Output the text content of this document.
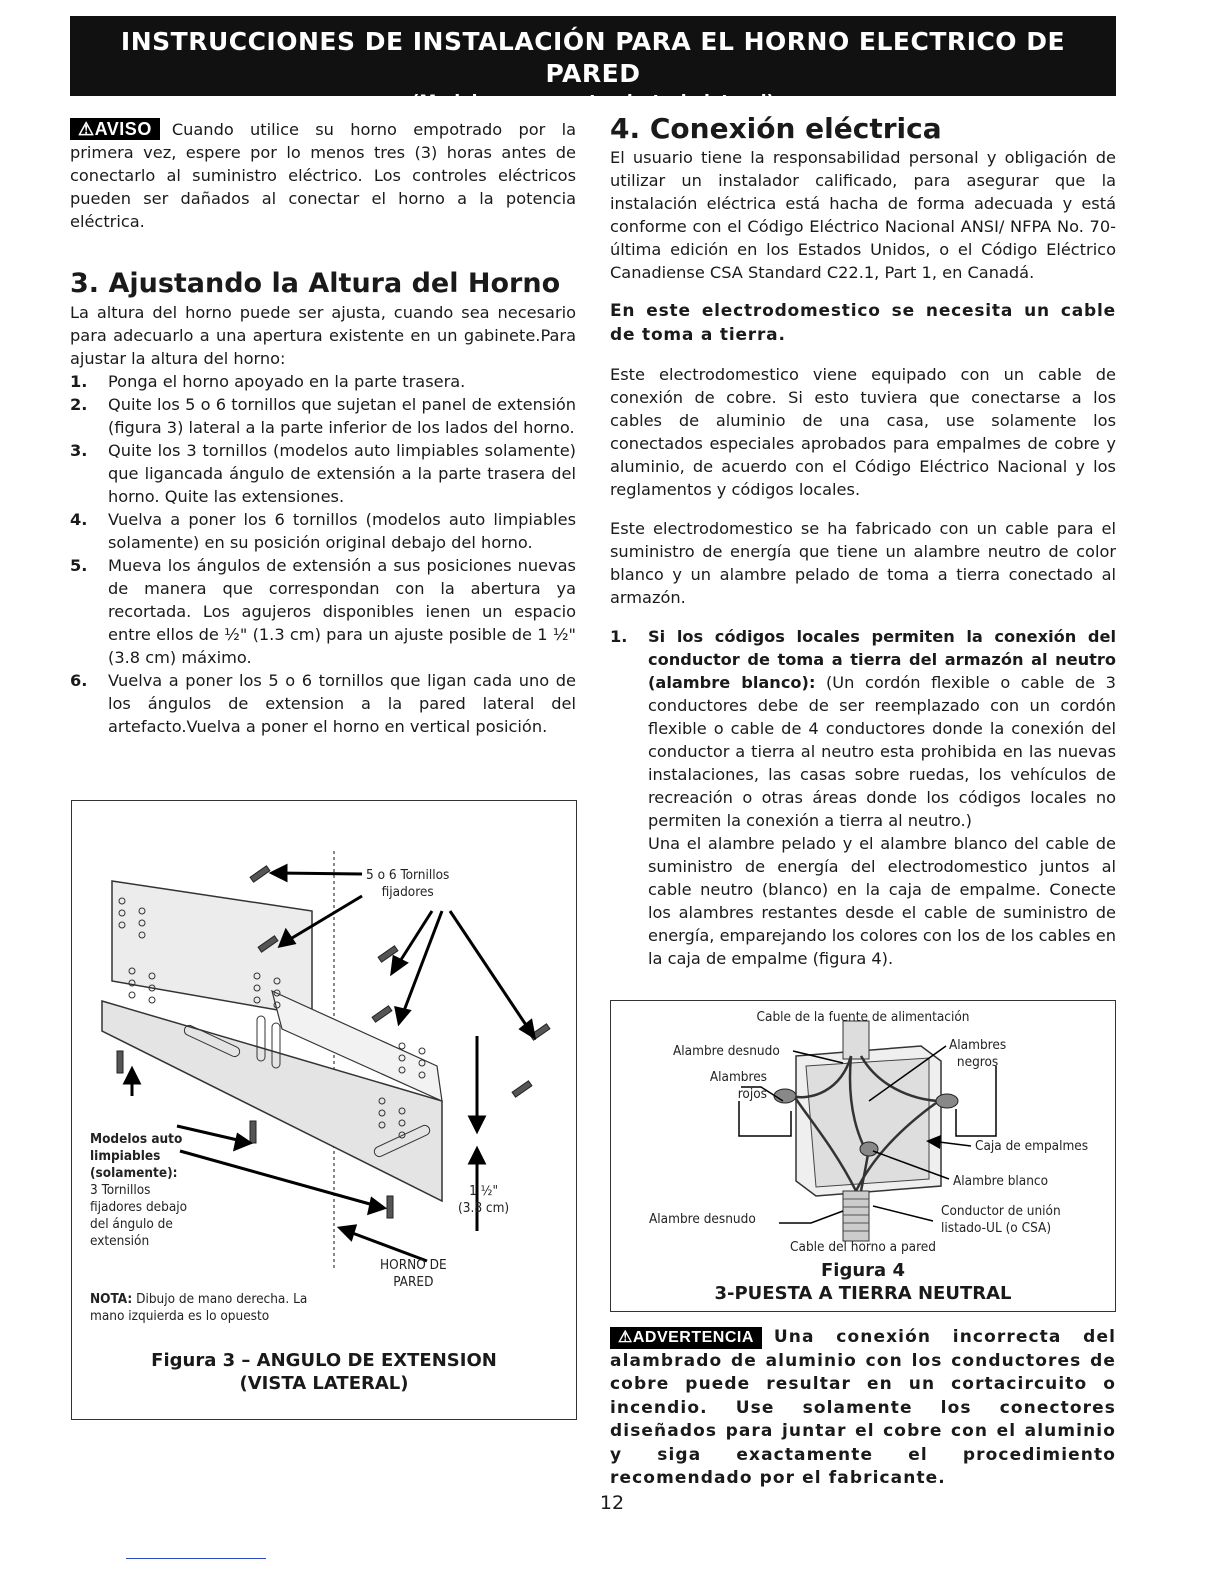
INSTRUCCIONES DE INSTALACIÓN PARA EL HORNO ELECTRICO DE PARED
(Modelos con puerta giratoria lateral)

⚠AVISO Cuando utilice su horno empotrado por la primera vez, espere por lo menos tres (3) horas antes de conectarlo al suministro eléctrico. Los controles eléctricos pueden ser dañados al conectar el horno a la potencia eléctrica.

3. Ajustando la Altura del Horno

La altura del horno puede ser ajusta, cuando sea necesario para adecuarlo a una apertura existente en un gabinete.Para ajustar la altura del horno:

1. Ponga el horno apoyado en la parte trasera.
2. Quite los 5 o 6 tornillos que sujetan el panel de extensión (figura 3) lateral a la parte inferior de los lados del horno.
3. Quite los 3 tornillos (modelos auto limpiables solamente) que ligancada ángulo de extensión a la parte trasera del horno. Quite las extensiones.
4. Vuelva a poner los 6 tornillos (modelos auto limpiables solamente) en su posición original debajo del horno.
5. Mueva los ángulos de extensión a sus posiciones nuevas de manera que correspondan con la abertura ya recortada. Los agujeros disponibles ienen un espacio entre ellos de ½" (1.3 cm) para un ajuste posible de 1 ½" (3.8 cm) máximo.
6. Vuelva a poner los 5 o 6 tornillos que ligan cada uno de los ángulos de extension a la pared lateral del artefacto.Vuelva a poner el horno en vertical posición.
5 o 6 Tornillos
fijadores
Modelos auto
limpiables
(solamente):
3 Tornillos
fijadores debajo
del ángulo de
extensión
1 ½"
(3.8 cm)
HORNO DE
PARED
NOTA: Dibujo de mano derecha. La
mano izquierda es lo opuesto
Figura 3 – ANGULO DE EXTENSION
(VISTA LATERAL)
4. Conexión eléctrica

El usuario tiene la responsabilidad personal y obligación de utilizar un instalador calificado, para asegurar que la instalación eléctrica está hacha de forma adecuada y está conforme con el Código Eléctrico Nacional ANSI/ NFPA No. 70-última edición en los Estados Unidos, o el Código Eléctrico Canadiense CSA Standard C22.1, Part 1, en Canadá.

En este electrodomestico se necesita un cable de toma a tierra.

Este electrodomestico viene equipado con un cable de conexión de cobre. Si esto tuviera que conectarse a los cables de aluminio de una casa, use solamente los conectados especiales aprobados para empalmes de cobre y aluminio, de acuerdo con el Código Eléctrico Nacional y los reglamentos y códigos locales.

Este electrodomestico se ha fabricado con un cable para el suministro de energía que tiene un alambre neutro de color blanco y un alambre pelado de toma a tierra conectado al armazón.

1. Si los códigos locales permiten la conexión del conductor de toma a tierra del armazón al neutro (alambre blanco): (Un cordón flexible o cable de 3 conductores debe de ser reemplazado con un cordón flexible o cable de 4 conductores donde la conexión del conductor a tierra al neutro esta prohibida en las nuevas instalaciones, las casas sobre ruedas, los vehículos de recreación o otras áreas donde los códigos locales no permiten la conexión a tierra al neutro.)
Una el alambre pelado y el alambre blanco del cable de suministro de energía del electrodomestico juntos al cable neutro (blanco) en la caja de empalme. Conecte los alambres restantes desde el cable de suministro de energía, emparejando los colores con los de los cables en la caja de empalme (figura 4).
Cable de la fuente de alimentación
Alambre desnudo
Alambres
rojos
Alambres
negros
Caja de empalmes
Alambre blanco
Alambre desnudo	Conductor de unión
listado-UL (o CSA)
Cable del horno a pared
Figura 4
3-PUESTA A TIERRA NEUTRAL

⚠ADVERTENCIA Una conexión incorrecta del alambrado de aluminio con los conductores de cobre puede resultar en un cortacircuito o incendio. Use solamente los conectores diseñados para juntar el cobre con el aluminio y siga exactamente el procedimiento recomendado por el fabricante.

12
